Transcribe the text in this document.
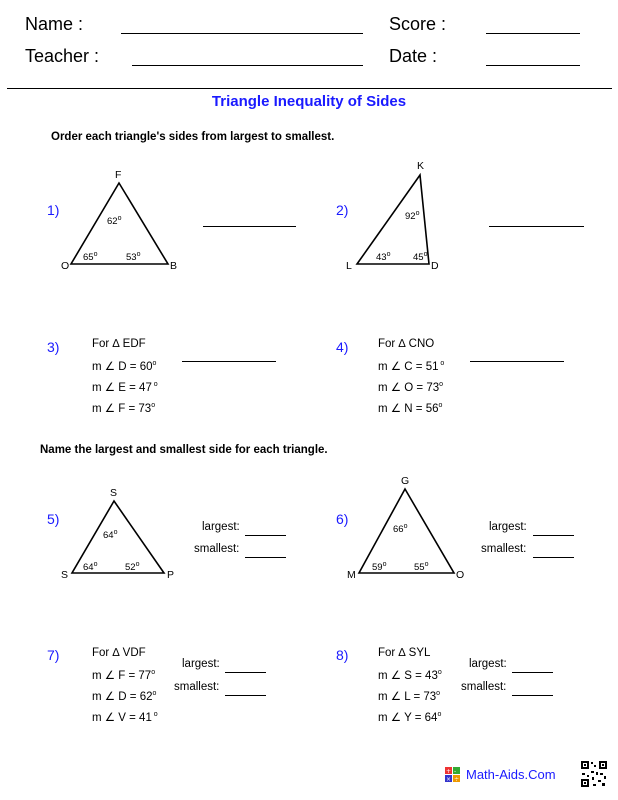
Name :	Score :
Teacher :	Date :
Triangle Inequality of Sides
Order each triangle's sides from largest to smallest.
1)
F
O	B
62$^o$
65$^o$	53$^o$
2)
K
L	D
92$^o$
43$^o$ 45$^o$
3)	For ∆ EDF
m ∠ $D = 60^o$
m ∠ E = 47 $^o$
m ∠ $F = 73^o$
4)	For ∆ CNO
m ∠ C = 51 $^o$
m ∠ $O = 73^o$
m ∠ $N = 56^o$
Name the largest and smallest side for each triangle.
5)
S
S	P
64$^o$
64$^o$	52$^o$
largest:
smallest:
6)
G
M	O
66$^o$
59$^o$	55$^o$
largest:
smallest:
7)	For ∆ VDF
m ∠ $F = 77^o$
m ∠ $D = 62^o$
m ∠ V = 41 $^o$
largest:
smallest:
8)	For ∆ SYL
m ∠ $S = 43^o$
m ∠ $L = 73^o$
m ∠ $Y = 64^o$
largest:
smallest:
+ -
× ÷ Math-Aids.Com
